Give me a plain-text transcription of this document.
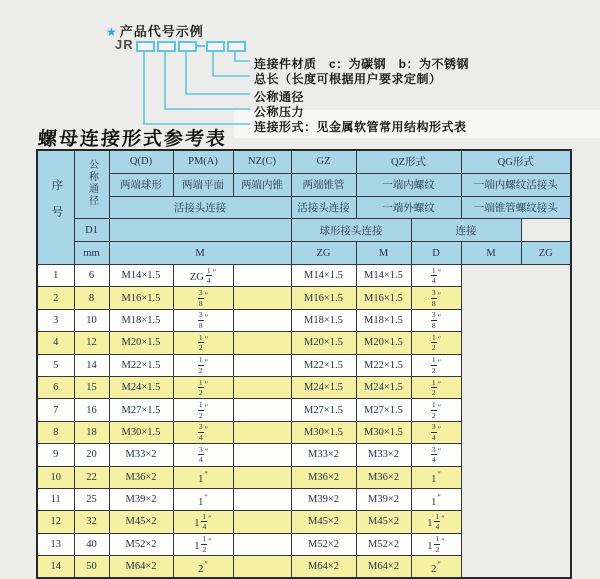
★ 产品代号示例
JR
连接件材质　c：为碳钢　b：为不锈钢
总长（长度可根据用户要求定制）
公称通径
公称压力
连接形式：见金属软管常用结构形式表
螺母连接形式参考表
序号	公称通径	Q(D)	PM(A)	NZ(C)	GZ	QZ形式		QG形式	
		两端球形	两端平面	两端内锥	两端锥管	一端内螺纹		一端内螺纹活接头	
		活接头连接			活接头连接	一端外螺纹		一端锥管螺纹接头	
	D1				球形接头连接		连接		
	mm	M			ZG	M	D	M	ZG
1	6	M14×1.5	ZG $\frac{1}{4} ''$		M14×1.5	M14×1.5	$\frac{1}{4} ''$
2	8	M16×1.5	$\frac{3}{8} ''$		M16×1.5	M16×1.5	$\frac{3}{8} ''$
3	10	M18×1.5	$\frac{3}{8} ''$		M18×1.5	M18×1.5	$\frac{3}{8} ''$
4	12	M20×1.5	$\frac{1}{2} ''$		M20×1.5	M20×1.5	$\frac{1}{2} ''$
5	14	M22×1.5	$\frac{1}{2} ''$		M22×1.5	M22×1.5	$\frac{1}{2} ''$
6	15	M24×1.5	$\frac{1}{2} ''$		M24×1.5	M24×1.5	$\frac{1}{2} ''$
7	16	M27×1.5	$\frac{1}{2} ''$		M27×1.5	M27×1.5	$\frac{1}{2} ''$
8	18	M30×1.5	$\frac{3}{4} ''$		M30×1.5	M30×1.5	$\frac{3}{4} ''$
9	20	M33×2	$\frac{3}{4} ''$		M33×2	M33×2	$\frac{3}{4} ''$
10	22	M36×2	1″		M36×2	M36×2	1″
11	25	M39×2	1″		M39×2	M39×2	1″
12	32	M45×2	$1 \frac{1}{4} ''$		M45×2	M45×2	$1 \frac{1}{4} ''$
13	40	M52×2	$1 \frac{1}{2} ''$		M52×2	M52×2	$1 \frac{1}{2} ''$
14	50	M64×2	2″		M64×2	M64×2	2″
